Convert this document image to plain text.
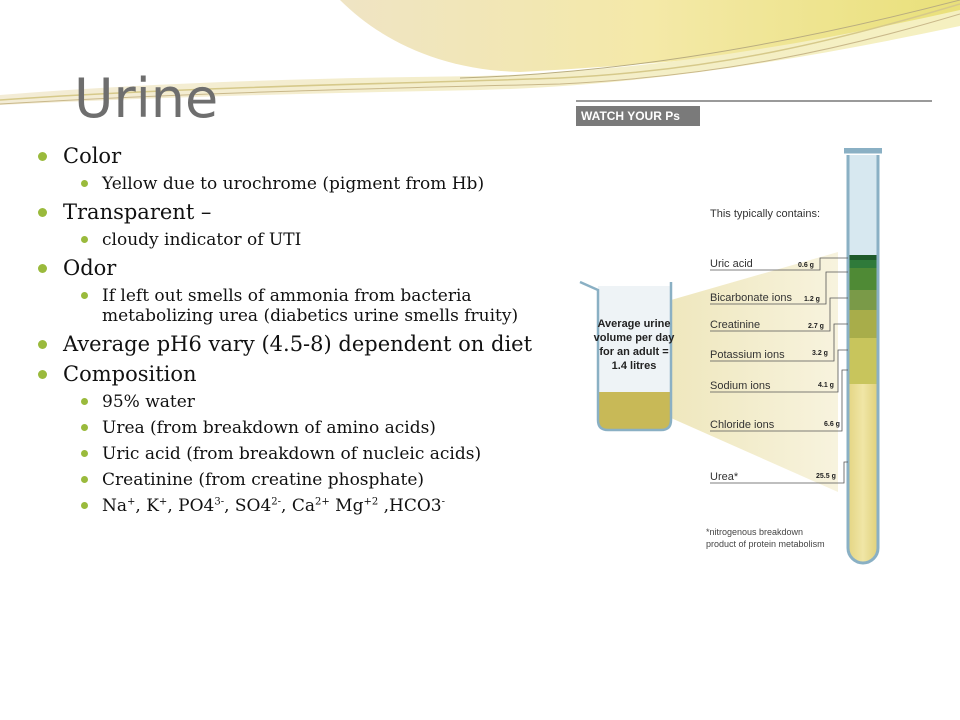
Urine
Color
Yellow due to urochrome (pigment from Hb)
Transparent –
cloudy indicator of UTI
Odor
If left out smells of ammonia from bacteria metabolizing urea (diabetics urine smells fruity)
Average pH6 vary (4.5-8) dependent on diet
Composition
95% water
Urea (from breakdown of amino acids)
Uric acid (from breakdown of nucleic acids)
Creatinine (from creatine phosphate)
Na+, K+, $PO4^{3-}$, $SO4^{2-}$, $Ca^{2+}$ $Mg^{+2}$ ,HCO3-
WATCH YOUR Ps
Average urine
volume per day
for an adult =
1.4 litres
This typically contains:
Uric acid	0.6 g
Bicarbonate ions 1.2 g
Creatinine	2.7 g
Potassium ions	3.2 g
Sodium ions	4.1 g
Chloride ions	6.6 g
Urea*	25.5 g
*nitrogenous breakdown
product of protein metabolism
